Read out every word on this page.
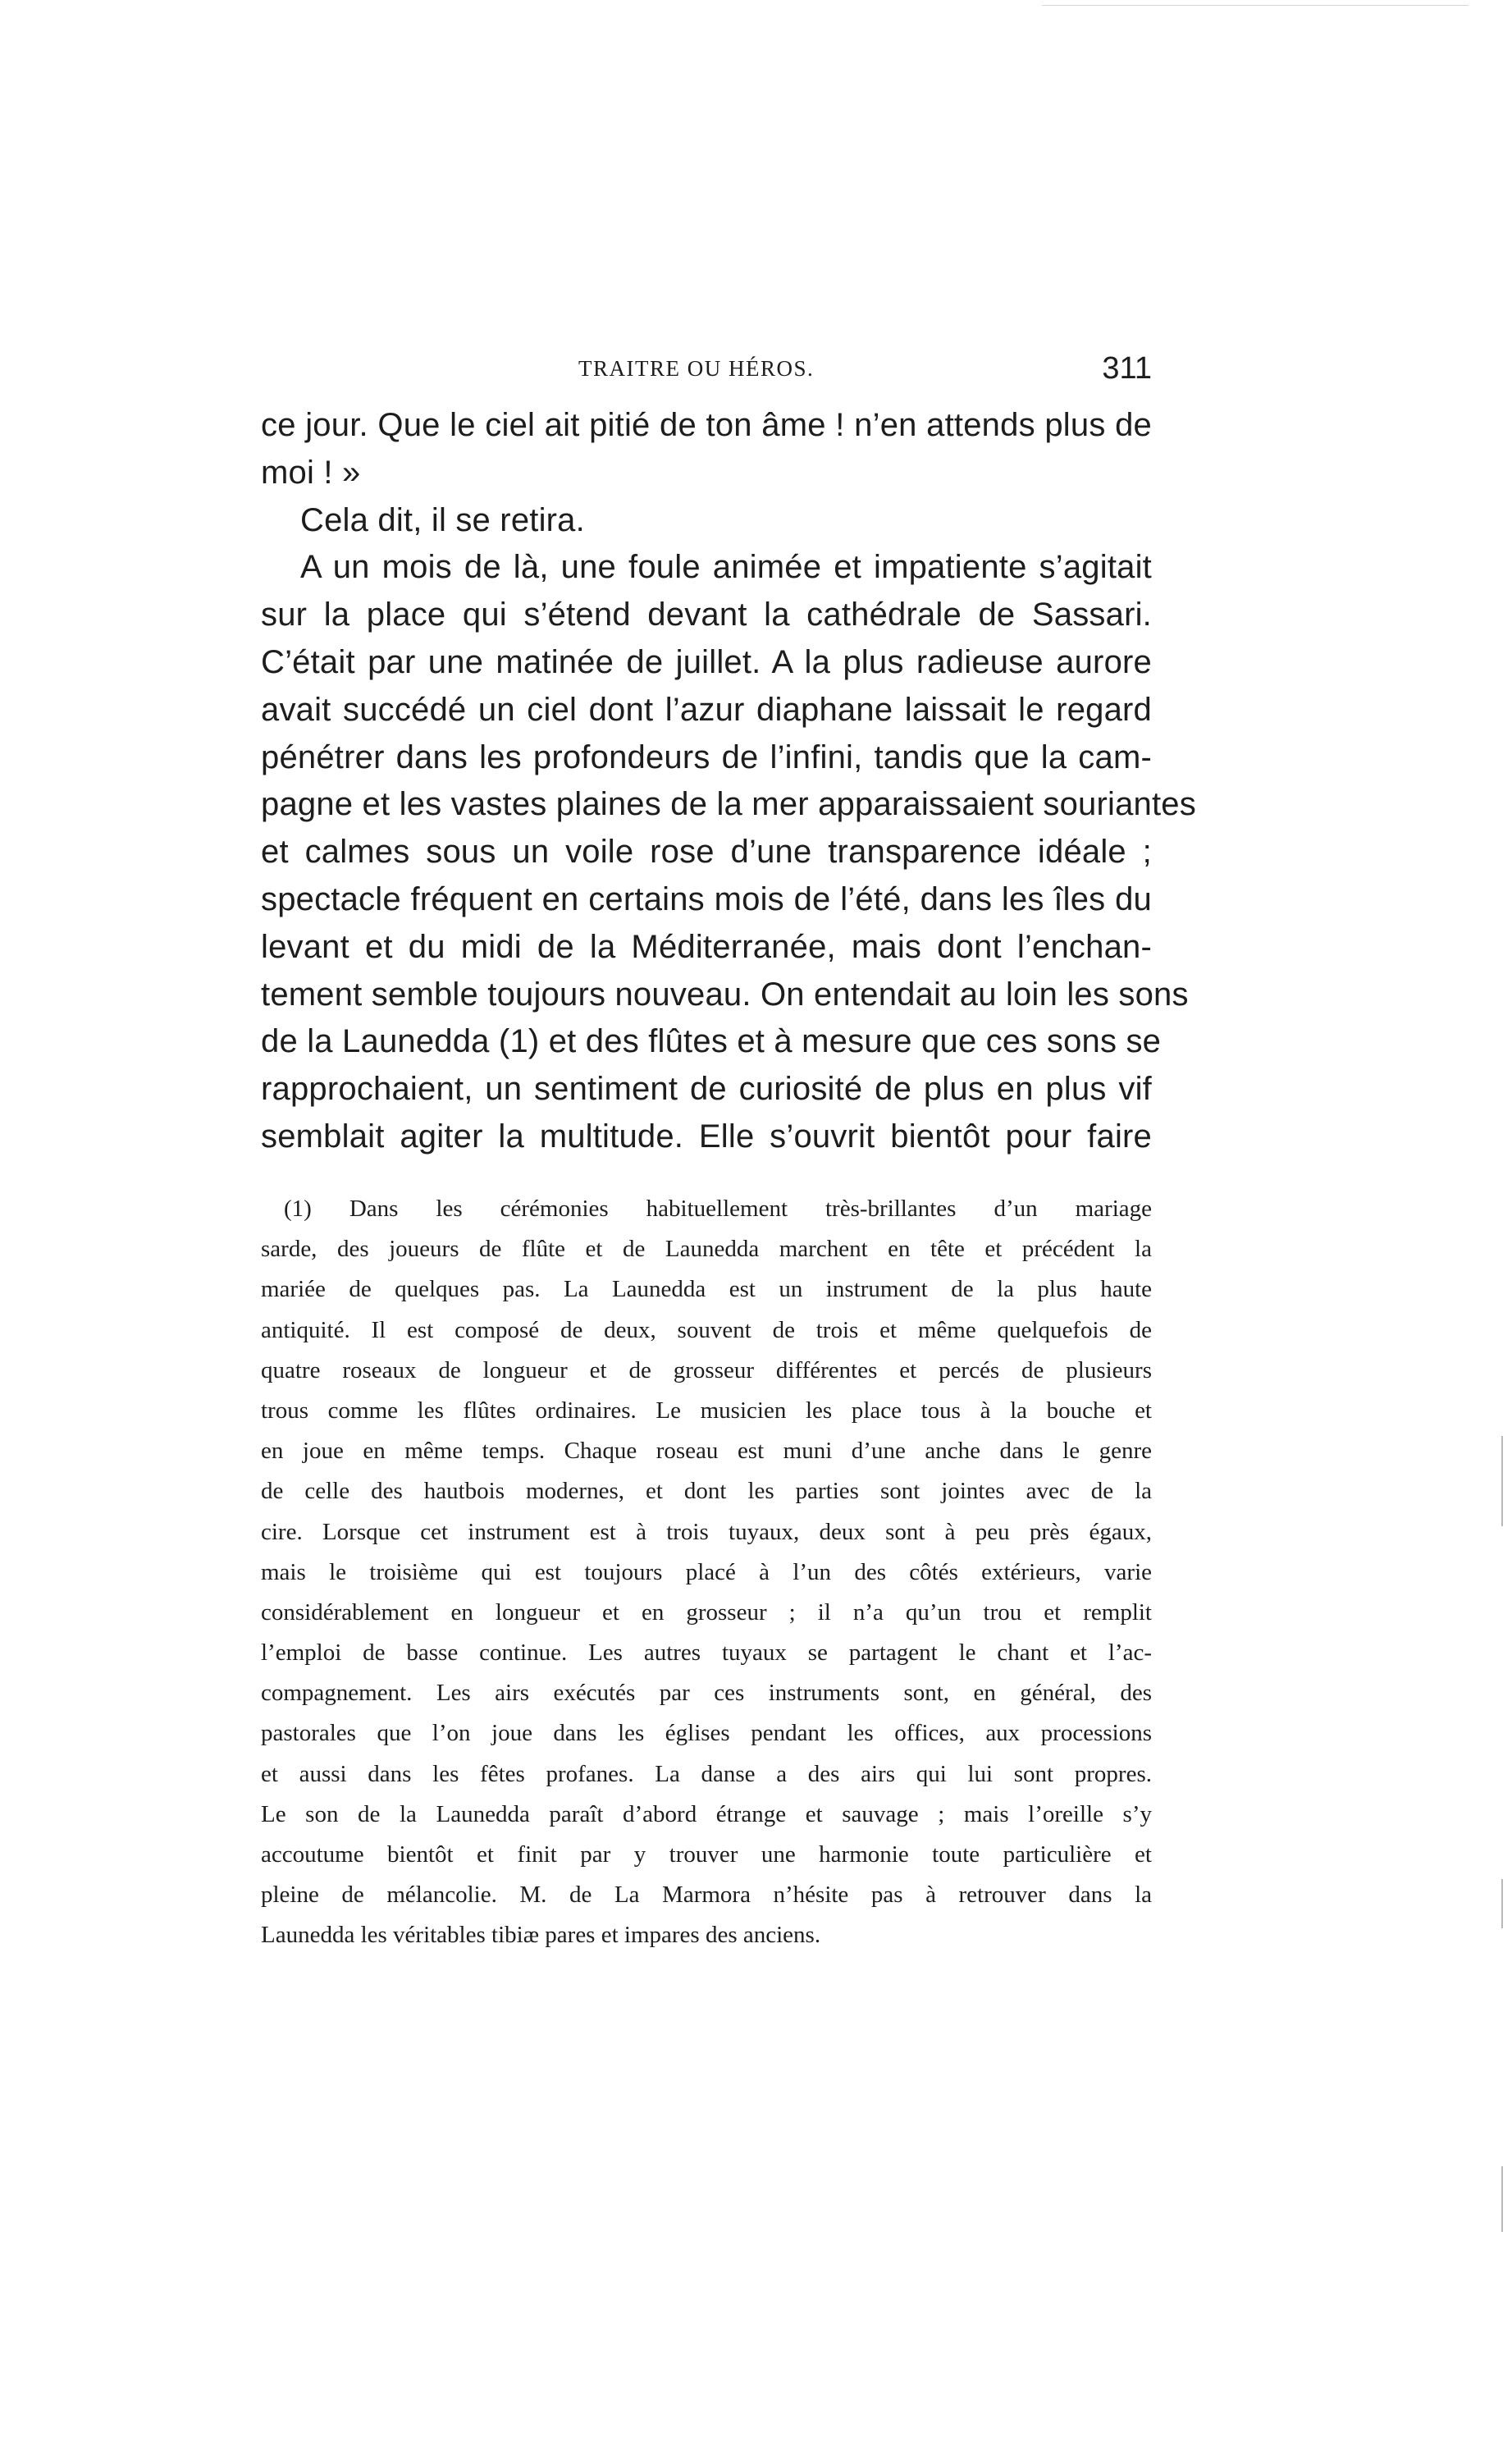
TRAITRE OU HÉROS.	311
ce jour. Que le ciel ait pitié de ton âme ! n’en attends plus de
moi ! »
Cela dit, il se retira.
A un mois de là, une foule animée et impatiente s’agitait
sur la place qui s’étend devant la cathédrale de Sassari.
C’était par une matinée de juillet. A la plus radieuse aurore
avait succédé un ciel dont l’azur diaphane laissait le regard
pénétrer dans les profondeurs de l’infini, tandis que la cam-
pagne et les vastes plaines de la mer apparaissaient souriantes
et calmes sous un voile rose d’une transparence idéale ;
spectacle fréquent en certains mois de l’été, dans les îles du
levant et du midi de la Méditerranée, mais dont l’enchan-
tement semble toujours nouveau. On entendait au loin les sons
de la Launedda (1) et des flûtes et à mesure que ces sons se
rapprochaient, un sentiment de curiosité de plus en plus vif
semblait agiter la multitude. Elle s’ouvrit bientôt pour faire
(1) Dans les cérémonies habituellement très-brillantes d’un mariage
sarde, des joueurs de flûte et de Launedda marchent en tête et précédent la
mariée de quelques pas. La Launedda est un instrument de la plus haute
antiquité. Il est composé de deux, souvent de trois et même quelquefois de
quatre roseaux de longueur et de grosseur différentes et percés de plusieurs
trous comme les flûtes ordinaires. Le musicien les place tous à la bouche et
en joue en même temps. Chaque roseau est muni d’une anche dans le genre
de celle des hautbois modernes, et dont les parties sont jointes avec de la
cire. Lorsque cet instrument est à trois tuyaux, deux sont à peu près égaux,
mais le troisième qui est toujours placé à l’un des côtés extérieurs, varie
considérablement en longueur et en grosseur ; il n’a qu’un trou et remplit
l’emploi de basse continue. Les autres tuyaux se partagent le chant et l’ac-
compagnement. Les airs exécutés par ces instruments sont, en général, des
pastorales que l’on joue dans les églises pendant les offices, aux processions
et aussi dans les fêtes profanes. La danse a des airs qui lui sont propres.
Le son de la Launedda paraît d’abord étrange et sauvage ; mais l’oreille s’y
accoutume bientôt et finit par y trouver une harmonie toute particulière et
pleine de mélancolie. M. de La Marmora n’hésite pas à retrouver dans la
Launedda les véritables tibiæ pares et impares des anciens.
